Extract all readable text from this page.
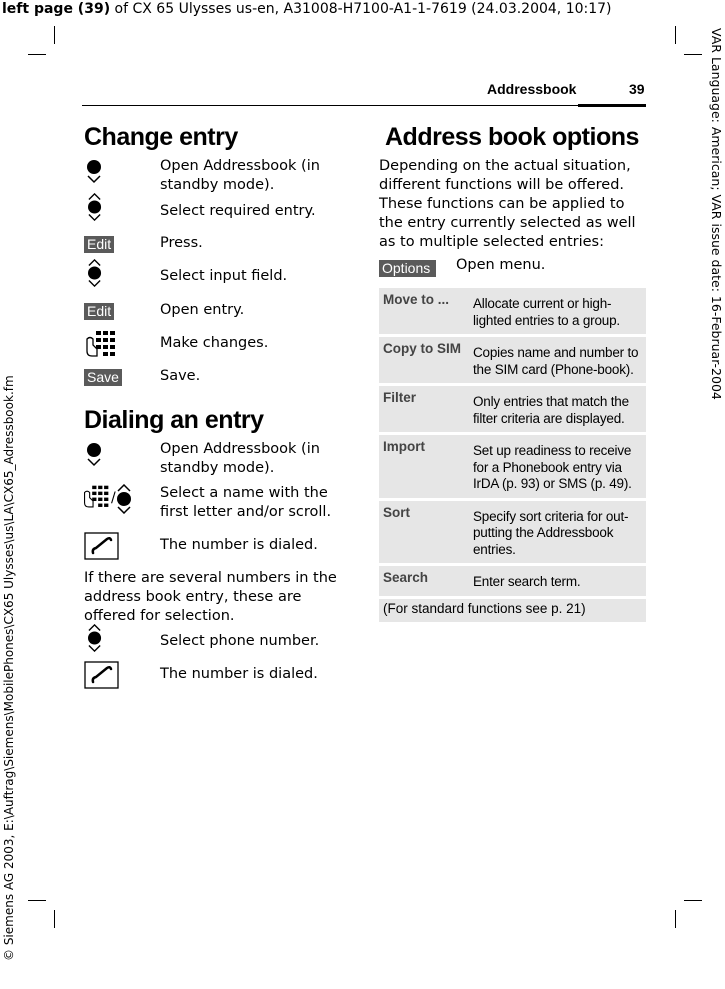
left page (39) of CX 65 Ulysses us-en, A31008-H7100-A1-1-7619 (24.03.2004, 10:17)
© Siemens AG 2003, E:\Auftrag\Siemens\MobilePhones\CX65 Ulysses\us\LA\CX65_Adressbook.fm
VAR Language: American; VAR issue date: 16-Februar-2004
Addressbook	39
Change entry
Open Addressbook (in standby mode).
Select required entry.
Edit	Press.
Select input field.
Edit	Open entry.
Make changes.
Save	Save.
Dialing an entry
Open Addressbook (in standby mode).
/	Select a name with the first letter and/or scroll.
The number is dialed.
If there are several numbers in the address book entry, these are offered for selection.
Select phone number.
The number is dialed.
Address book options
Depending on the actual situation, different functions will be offered. These functions can be applied to the entry currently selected as well as to multiple selected entries:
Options Open menu.
Move to ...	Allocate current or high-lighted entries to a group.
Copy to SIM	Copies name and number to the SIM card (Phone-book).
Filter	Only entries that match the filter criteria are displayed.
Import	Set up readiness to receive for a Phonebook entry via IrDA (p. 93) or SMS (p. 49).
Sort	Specify sort criteria for out-putting the Addressbook entries.
Search	Enter search term.
(For standard functions see p. 21)	
